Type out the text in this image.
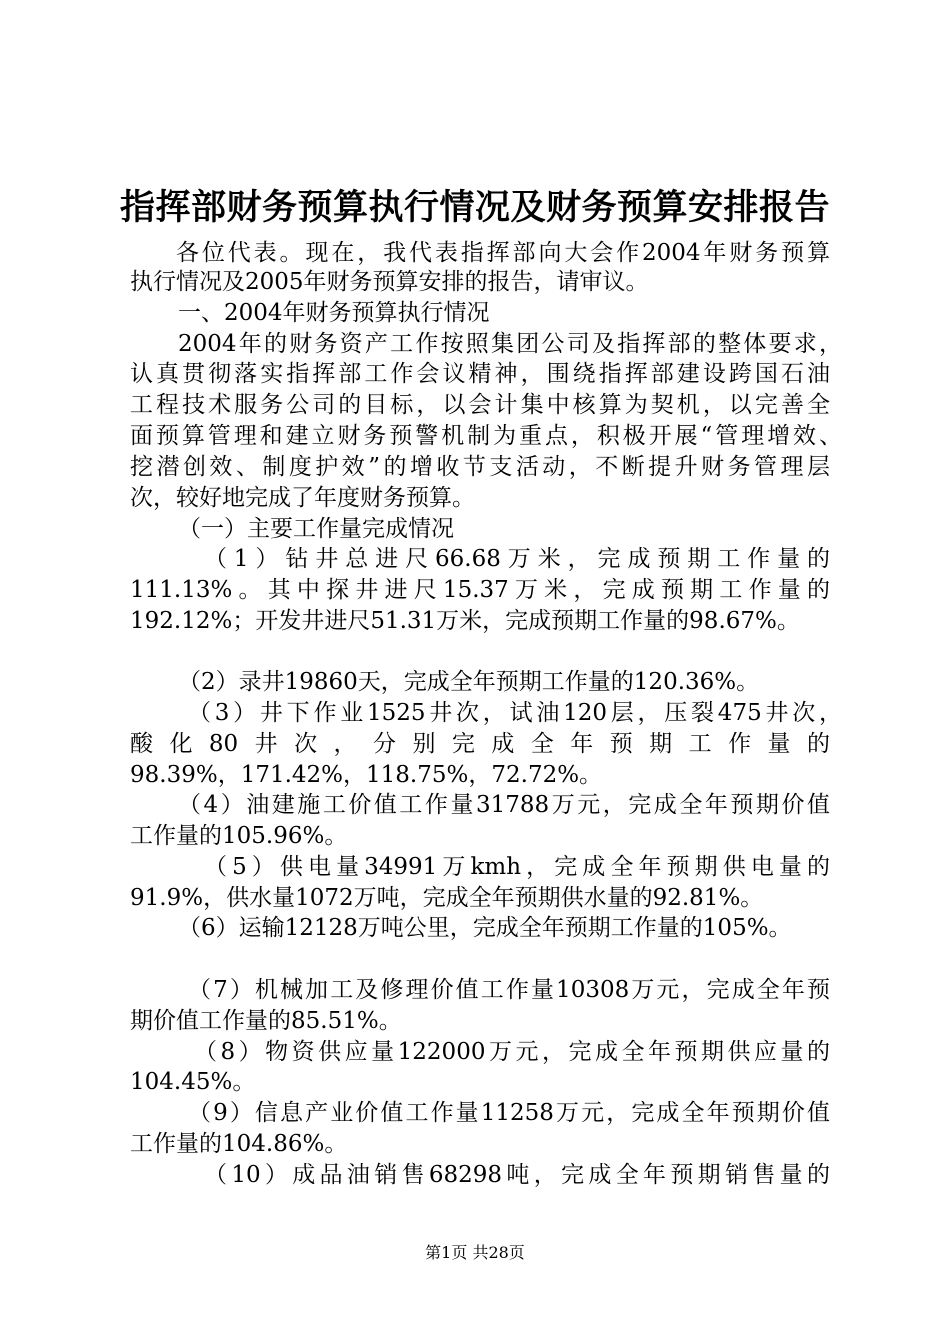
指挥部财务预算执行情况及财务预算安排报告
各位代表。现在，我代表指挥部向大会作2004年财务预算
执行情况及2005年财务预算安排的报告，请审议。
一、2004年财务预算执行情况
2004年的财务资产工作按照集团公司及指挥部的整体要求，
认真贯彻落实指挥部工作会议精神，围绕指挥部建设跨国石油
工程技术服务公司的目标，以会计集中核算为契机，以完善全
面预算管理和建立财务预警机制为重点，积极开展“管理增效、
挖潜创效、制度护效”的增收节支活动，不断提升财务管理层
次，较好地完成了年度财务预算。
（一）主要工作量完成情况
（1）钻井总进尺66.68万米，完成预期工作量的
111.13%。其中探井进尺15.37万米，完成预期工作量的
192.12%；开发井进尺51.31万米，完成预期工作量的98.67%。
（2）录井19860天，完成全年预期工作量的120.36%。
（3）井下作业1525井次，试油120层，压裂475井次，
酸化80井次，分别完成全年预期工作量的
98.39%，171.42%，118.75%，72.72%。
（4）油建施工价值工作量31788万元，完成全年预期价值
工作量的105.96%。
（5）供电量34991万kmh，完成全年预期供电量的
91.9%，供水量1072万吨，完成全年预期供水量的92.81%。
（6）运输12128万吨公里，完成全年预期工作量的105%。
（7）机械加工及修理价值工作量10308万元，完成全年预
期价值工作量的85.51%。
（8）物资供应量122000万元，完成全年预期供应量的
104.45%。
（9）信息产业价值工作量11258万元，完成全年预期价值
工作量的104.86%。
（10）成品油销售68298吨，完成全年预期销售量的
第1页 共28页
